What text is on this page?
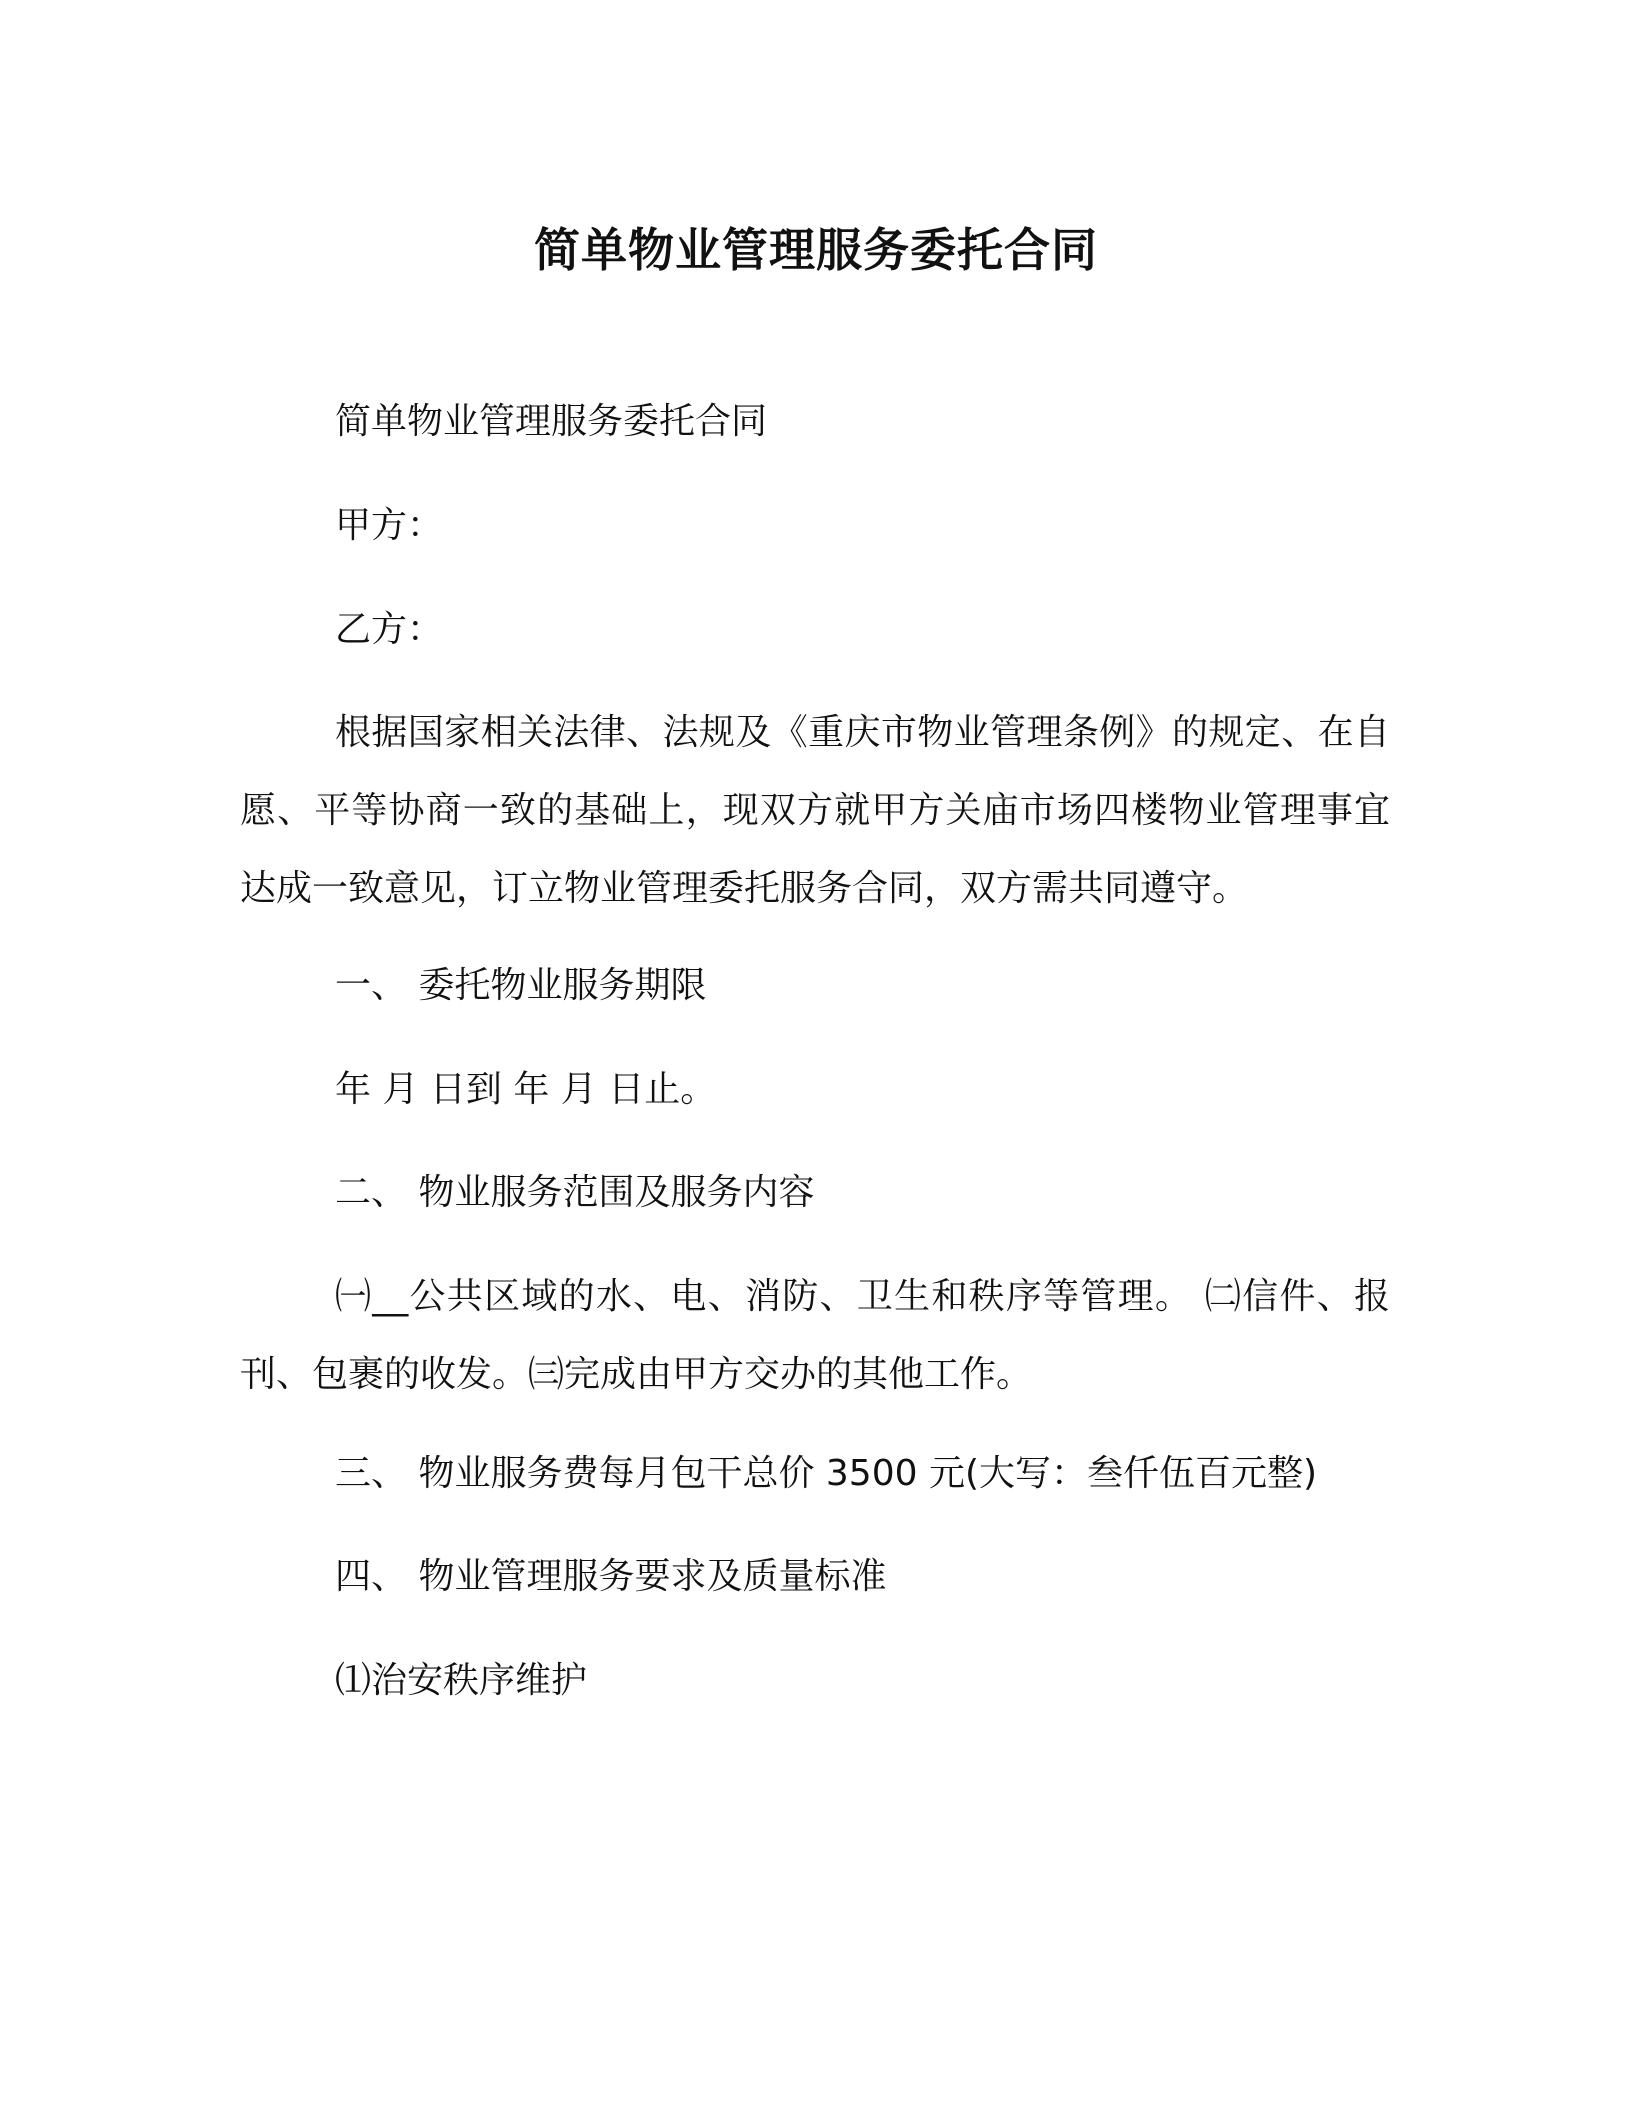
简单物业管理服务委托合同
简单物业管理服务委托合同
甲方：
乙方：
根据国家相关法律、法规及《重庆市物业管理条例》的规定、在自愿、平等协商一致的基础上，现双方就甲方关庙市场四楼物业管理事宜达成一致意见，订立物业管理委托服务合同，双方需共同遵守。
一、 委托物业服务期限
年 月 日到 年 月 日止。
二、 物业服务范围及服务内容
㈠__公共区域的水、电、消防、卫生和秩序等管理。 ㈡信件、报刊、包裹的收发。㈢完成由甲方交办的其他工作。
三、 物业服务费每月包干总价 3500 元(大写：叁仟伍百元整)
四、 物业管理服务要求及质量标准
⑴治安秩序维护
